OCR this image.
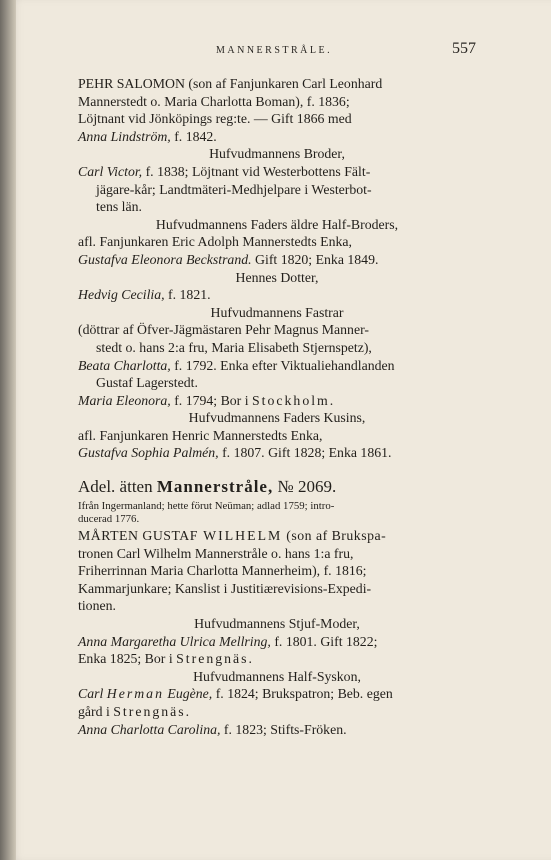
MANNERSTRÅLE.	557

PEHR SALOMON (son af Fanjunkaren Carl Leonhard
Mannerstedt o. Maria Charlotta Boman), f. 1836;
Löjtnant vid Jönköpings reg:te. — Gift 1866 med
Anna Lindström, f. 1842.

Hufvudmannens Broder,

Carl Victor, f. 1838; Löjtnant vid Westerbottens Fält-
jägare-kår; Landtmäteri-Medhjelpare i Westerbot-
tens län.

Hufvudmannens Faders äldre Half-Broders,

afl. Fanjunkaren Eric Adolph Mannerstedts Enka,
Gustafva Eleonora Beckstrand. Gift 1820; Enka 1849.

Hennes Dotter,

Hedvig Cecilia, f. 1821.

Hufvudmannens Fastrar

(döttrar af Öfver-Jägmästaren Pehr Magnus Manner-
stedt o. hans 2:a fru, Maria Elisabeth Stjernspetz),
Beata Charlotta, f. 1792. Enka efter Viktualiehandlanden
Gustaf Lagerstedt.
Maria Eleonora, f. 1794; Bor i Stockholm.

Hufvudmannens Faders Kusins,

afl. Fanjunkaren Henric Mannerstedts Enka,
Gustafva Sophia Palmén, f. 1807. Gift 1828; Enka 1861.

Adel. ätten Mannerstråle, № 2069.

Ifrån Ingermanland; hette förut Neüman; adlad 1759; intro-
ducerad 1776.

MÅRTEN GUSTAF WILHELM (son af Brukspa-
tronen Carl Wilhelm Mannerstråle o. hans 1:a fru,
Friherrinnan Maria Charlotta Mannerheim), f. 1816;
Kammarjunkare; Kanslist i Justitiærevisions-Expedi-
tionen.

Hufvudmannens Stjuf-Moder,

Anna Margaretha Ulrica Mellring, f. 1801. Gift 1822;
Enka 1825; Bor i Strengnäs.

Hufvudmannens Half-Syskon,

Carl Herman Eugène, f. 1824; Brukspatron; Beb. egen
gård i Strengnäs.
Anna Charlotta Carolina, f. 1823; Stifts-Fröken.
